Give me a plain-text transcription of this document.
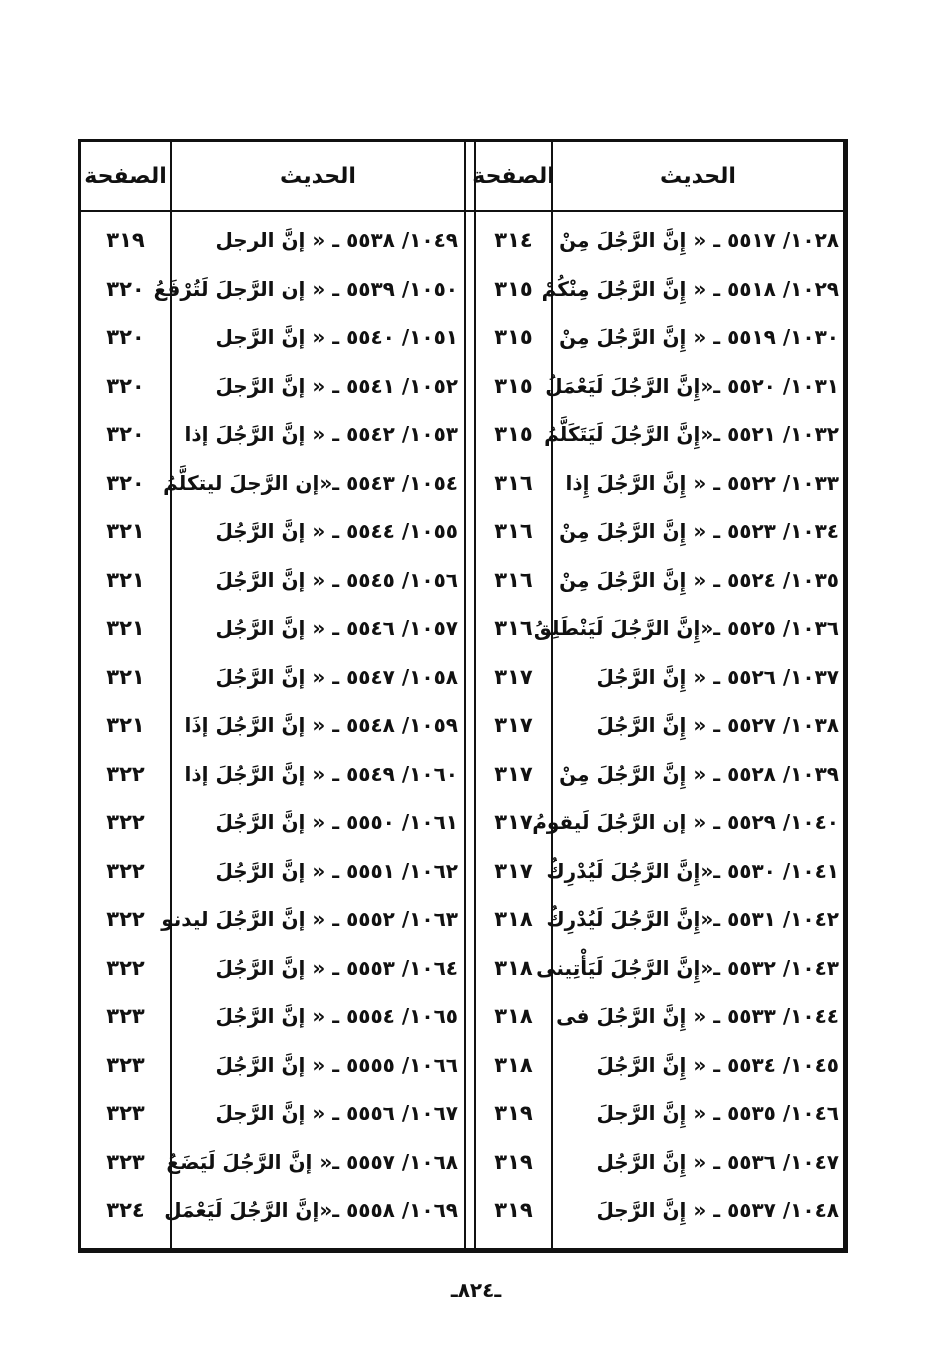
الصفحة	الحديث	الصفحة	الحديث
٣١٩	١٠٤٩/ ٥٥٣٨ ـ « إنَّ الرجل	٣١٤	١٠٢٨/ ٥٥١٧ ـ « إِنَّ الرَّجُلَ مِنْ
٣٢٠ ١٠٥٠/ ٥٥٣٩ ـ « إن الرَّجلَ لَتُرْفَعُ	٣١٥ ١٠٢٩/ ٥٥١٨ ـ « إِنَّ الرَّجُلَ مِنْكُمْ
٣٢٠	١٠٥١/ ٥٥٤٠ ـ « إنَّ الرَّجل	٣١٥	١٠٣٠/ ٥٥١٩ ـ « إِنَّ الرَّجُلَ مِنْ
٣٢٠	١٠٥٢/ ٥٥٤١ ـ « إنَّ الرَّجلَ	٣١٥ ١٠٣١/ ٥٥٢٠ ـ«إِنَّ الرَّجُلَ لَيَعْمَلُ
٣٢٠	١٠٥٣/ ٥٥٤٢ ـ « إنَّ الرَّجُلَ إذا	٣١٥ ١٠٣٢/ ٥٥٢١ ـ«إِنَّ الرَّجُلَ لَيَتَكَلَّمُ
٣٢٠ ١٠٥٤/ ٥٥٤٣ ـ«إن الرَّجلَ ليتكلَّمُ	٣١٦	١٠٣٣/ ٥٥٢٢ ـ « إِنَّ الرَّجُلَ إِذا
٣٢١	١٠٥٥/ ٥٥٤٤ ـ « إنَّ الرَّجُلَ	٣١٦	١٠٣٤/ ٥٥٢٣ ـ « إِنَّ الرَّجُلَ مِنْ
٣٢١	١٠٥٦/ ٥٥٤٥ ـ « إنَّ الرَّجُلَ	٣١٦	١٠٣٥/ ٥٥٢٤ ـ « إِنَّ الرَّجُلَ مِنْ
٣٢١	١٠٥٧/ ٥٥٤٦ ـ « إنَّ الرَّجُل	٣١٦ ١٠٣٦/ ٥٥٢٥ ـ«إِنَّ الرَّجُلَ لَيَنْطَلِقُ
٣٢١	١٠٥٨/ ٥٥٤٧ ـ « إنَّ الرَّجُلَ	٣١٧	١٠٣٧/ ٥٥٢٦ ـ « إِنَّ الرَّجُلَ
٣٢١	١٠٥٩/ ٥٥٤٨ ـ « إنَّ الرَّجُلَ إذَا	٣١٧	١٠٣٨/ ٥٥٢٧ ـ « إِنَّ الرَّجُلَ
٣٢٢	١٠٦٠/ ٥٥٤٩ ـ « إنَّ الرَّجُلَ إذا	٣١٧	١٠٣٩/ ٥٥٢٨ ـ « إِنَّ الرَّجُلَ مِنْ
٣٢٢	١٠٦١/ ٥٥٥٠ ـ « إنَّ الرَّجُلَ	٣١٧ ١٠٤٠/ ٥٥٢٩ ـ « إن الرَّجُلَ لَيقومُ
٣٢٢	١٠٦٢/ ٥٥٥١ ـ « إنَّ الرَّجُلَ	٣١٧ ١٠٤١/ ٥٥٣٠ ـ«إِنَّ الرَّجُلَ لَيُدْرِكُ
٣٢٢ ١٠٦٣/ ٥٥٥٢ ـ « إنَّ الرَّجُلَ ليدنو	٣١٨ ١٠٤٢/ ٥٥٣١ ـ«إِنَّ الرَّجُلَ لَيُدْرِكُ
٣٢٢	١٠٦٤/ ٥٥٥٣ ـ « إنَّ الرَّجُلَ	٣١٨ ١٠٤٣/ ٥٥٣٢ ـ«إِنَّ الرَّجُلَ لَيَأْتِينى
٣٢٣	١٠٦٥/ ٥٥٥٤ ـ « إنَّ الرَّجُلَ	٣١٨	١٠٤٤/ ٥٥٣٣ ـ « إِنَّ الرَّجُلَ فى
٣٢٣	١٠٦٦/ ٥٥٥٥ ـ « إنَّ الرَّجُلَ	٣١٨	١٠٤٥/ ٥٥٣٤ ـ « إِنَّ الرَّجُلَ
٣٢٣	١٠٦٧/ ٥٥٥٦ ـ « إنَّ الرَّجلَ	٣١٩	١٠٤٦/ ٥٥٣٥ ـ « إِنَّ الرَّجلَ
٣٢٣	١٠٦٨/ ٥٥٥٧ ـ« إنَّ الرَّجُلَ لَيَضَعُ	٣١٩	١٠٤٧/ ٥٥٣٦ ـ « إِنَّ الرَّجُل
٣٢٤ ١٠٦٩/ ٥٥٥٨ ـ«إنَّ الرَّجُلَ لَيَعْمَل	٣١٩	١٠٤٨/ ٥٥٣٧ ـ « إِنَّ الرَّجلَ
ـ٨٢٤ـ
